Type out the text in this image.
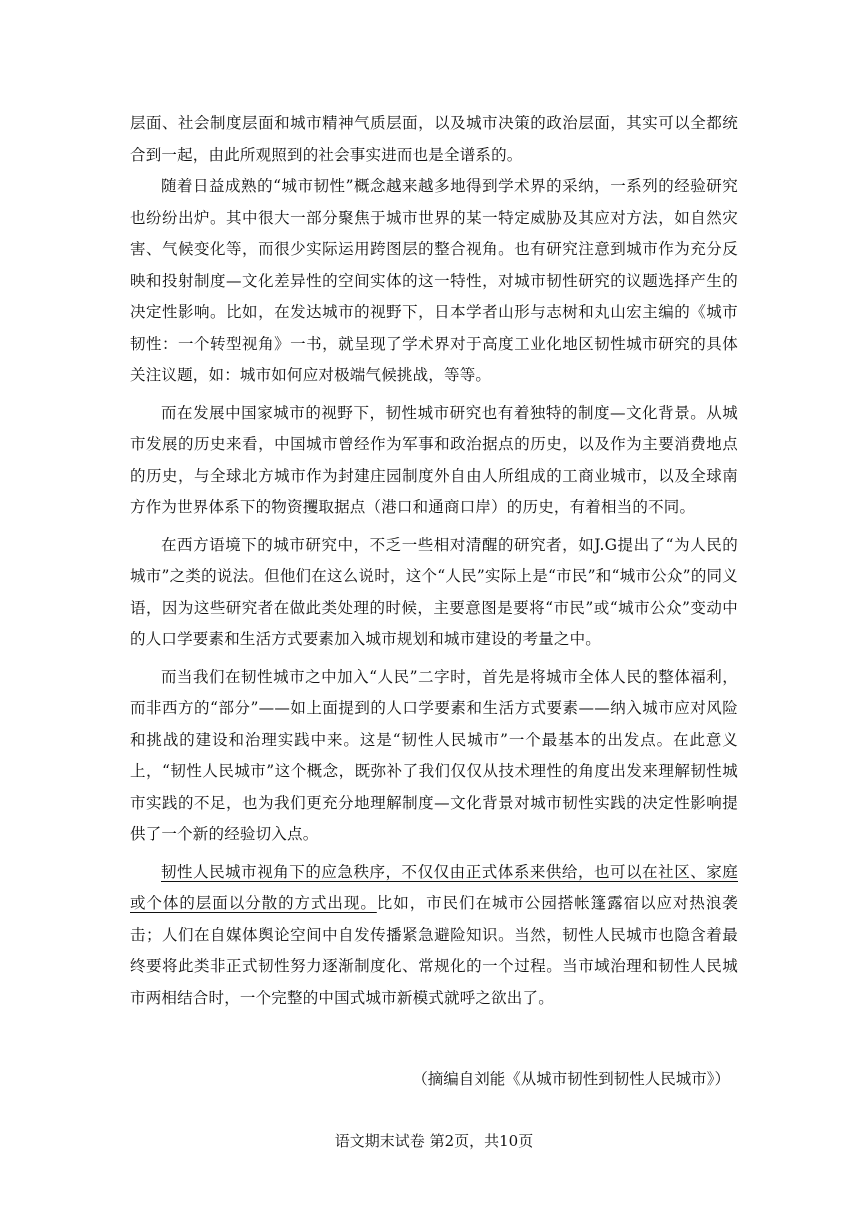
层面、社会制度层面和城市精神气质层面，以及城市决策的政治层面，其实可以全都统合到一起，由此所观照到的社会事实进而也是全谱系的。

随着日益成熟的“城市韧性”概念越来越多地得到学术界的采纳，一系列的经验研究也纷纷出炉。其中很大一部分聚焦于城市世界的某一特定威胁及其应对方法，如自然灾害、气候变化等，而很少实际运用跨图层的整合视角。也有研究注意到城市作为充分反映和投射制度—文化差异性的空间实体的这一特性，对城市韧性研究的议题选择产生的决定性影响。比如，在发达城市的视野下，日本学者山形与志树和丸山宏主编的《城市韧性：一个转型视角》一书，就呈现了学术界对于高度工业化地区韧性城市研究的具体关注议题，如：城市如何应对极端气候挑战，等等。

而在发展中国家城市的视野下，韧性城市研究也有着独特的制度—文化背景。从城市发展的历史来看，中国城市曾经作为军事和政治据点的历史，以及作为主要消费地点的历史，与全球北方城市作为封建庄园制度外自由人所组成的工商业城市，以及全球南方作为世界体系下的物资攫取据点（港口和通商口岸）的历史，有着相当的不同。

在西方语境下的城市研究中，不乏一些相对清醒的研究者，如J.G提出了“为人民的城市”之类的说法。但他们在这么说时，这个“人民”实际上是“市民”和“城市公众”的同义语，因为这些研究者在做此类处理的时候，主要意图是要将“市民”或“城市公众”变动中的人口学要素和生活方式要素加入城市规划和城市建设的考量之中。

而当我们在韧性城市之中加入“人民”二字时，首先是将城市全体人民的整体福利，而非西方的“部分”——如上面提到的人口学要素和生活方式要素——纳入城市应对风险和挑战的建设和治理实践中来。这是“韧性人民城市”一个最基本的出发点。在此意义上，“韧性人民城市”这个概念，既弥补了我们仅仅从技术理性的角度出发来理解韧性城市实践的不足，也为我们更充分地理解制度—文化背景对城市韧性实践的决定性影响提供了一个新的经验切入点。

韧性人民城市视角下的应急秩序，不仅仅由正式体系来供给，也可以在社区、家庭或个体的层面以分散的方式出现。比如，市民们在城市公园搭帐篷露宿以应对热浪袭击；人们在自媒体舆论空间中自发传播紧急避险知识。当然，韧性人民城市也隐含着最终要将此类非正式韧性努力逐渐制度化、常规化的一个过程。当市域治理和韧性人民城市两相结合时，一个完整的中国式城市新模式就呼之欲出了。

（摘编自刘能《从城市韧性到韧性人民城市》）
语文期末试卷 第2页，共10页
